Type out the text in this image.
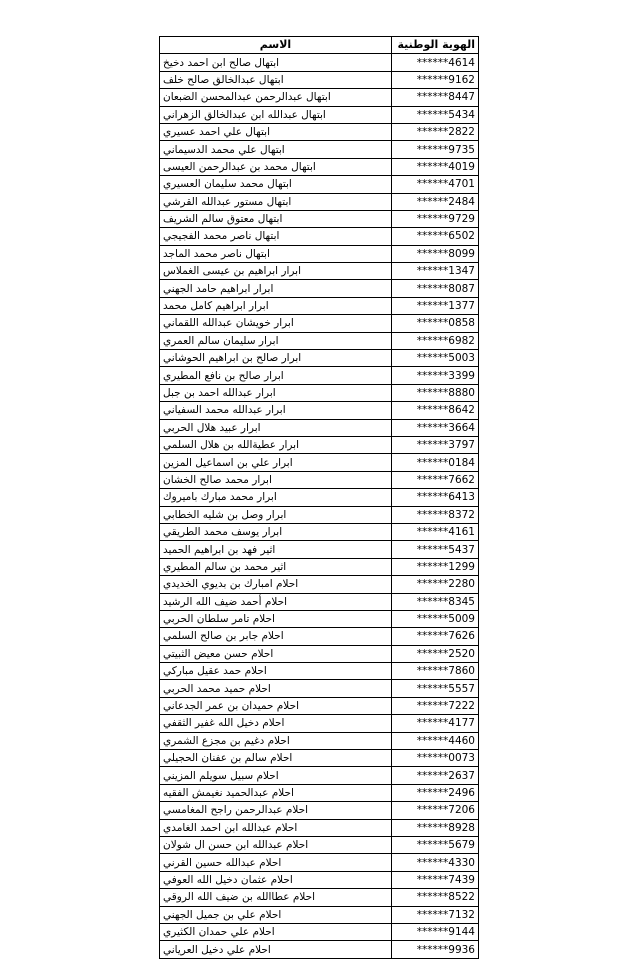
الهوية الوطنية	الاسم
******4614	ابتهال صالح ابن احمد دخيخ
******9162	ابتهال عبدالخالق صالح خلف
******8447	ابتهال عبدالرحمن عبدالمحسن الضبعان
******5434	ابتهال عبدالله ابن عبدالخالق الزهراني
******2822	ابتهال علي احمد عسيري
******9735	ابتهال علي محمد الدسيماني
******4019	ابتهال محمد بن عبدالرحمن العيسى
******4701	ابتهال محمد سليمان العسيري
******2484	ابتهال مستور عبدالله القرشي
******9729	ابتهال معتوق سالم الشريف
******6502	ابتهال ناصر محمد الفجيجي
******8099	ابتهال ناصر محمد الماجد
******1347	ابرار ابراهيم بن عيسى الغملاس
******8087	ابرار ابراهيم حامد الجهني
******1377	ابرار ابراهيم كامل محمد
******0858	ابرار خويشان عبدالله اللقماني
******6982	ابرار سليمان سالم العمري
******5003	ابرار صالح بن ابراهيم الحوشاني
******3399	ابرار صالح بن نافع المطيري
******8880	ابرار عبدالله احمد بن جبل
******8642	ابرار عبدالله محمد السفياني
******3664	ابرار عبيد هلال الحربي
******3797	ابرار عطيةالله بن هلال السلمي
******0184	ابرار علي بن اسماعيل المزين
******7662	ابرار محمد صالح الخشان
******6413	ابرار محمد مبارك باميروك
******8372	ابرار وصل بن شليه الخطابي
******4161	ابرار يوسف محمد الطريقي
******5437	اثير فهد بن ابراهيم الحميد
******1299	اثير محمد بن سالم المطيري
******2280	احلام امبارك بن بديوي الخديدي
******8345	احلام أحمد ضيف الله الرشيد
******5009	احلام تامر سلطان الحربي
******7626	احلام جابر بن صالح السلمي
******2520	احلام حسن معيض الثبيتي
******7860	احلام حمد عقيل مباركي
******5557	احلام حميد محمد الحربي
******7222	احلام حميدان بن عمر الجدعاني
******4177	احلام دخيل الله غفير الثقفي
******4460	احلام دغيم بن مجزع الشمري
******0073	احلام سالم بن عفنان الحجيلي
******2637	احلام سبيل سويلم المزيني
******2496	احلام عبدالحميد نغيمش الفقيه
******7206	احلام عبدالرحمن راجح المغامسي
******8928	احلام عبدالله ابن احمد الغامدي
******5679	احلام عبدالله ابن حسن ال شولان
******4330	احلام عبدالله حسين القرني
******7439	احلام عثمان دخيل الله العوفي
******8522	احلام عطاالله بن ضيف الله الروقي
******7132	احلام علي بن جميل الجهني
******9144	احلام علي حمدان الكثيري
******9936	احلام علي دخيل العرياني
